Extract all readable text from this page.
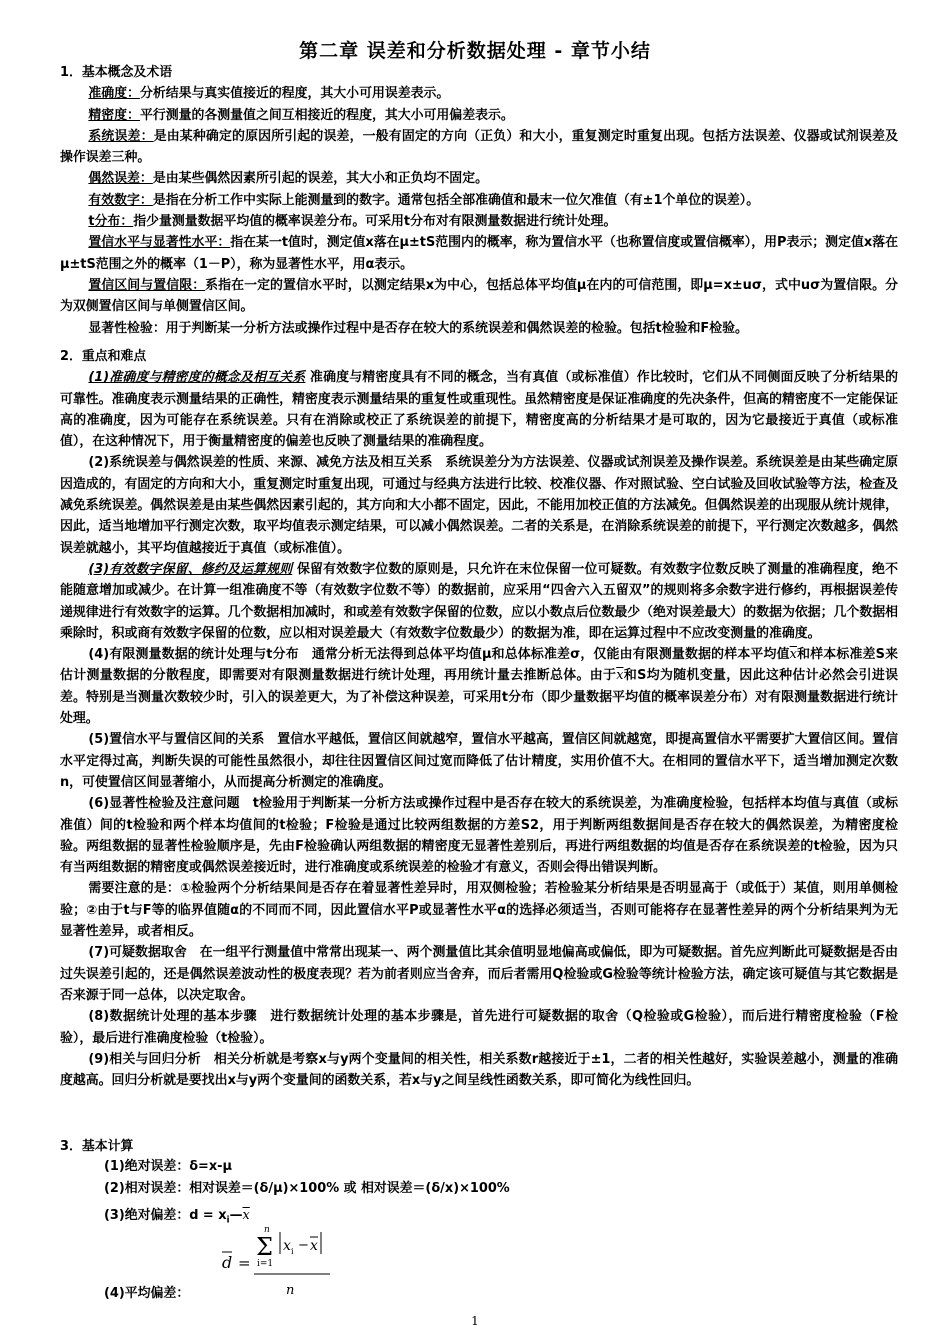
第二章 误差和分析数据处理 - 章节小结

1．基本概念及术语

准确度：分析结果与真实值接近的程度，其大小可用误差表示。

精密度：平行测量的各测量值之间互相接近的程度，其大小可用偏差表示。

系统误差：是由某种确定的原因所引起的误差，一般有固定的方向（正负）和大小，重复测定时重复出现。包括方法误差、仪器或试剂误差及操作误差三种。

偶然误差：是由某些偶然因素所引起的误差，其大小和正负均不固定。

有效数字：是指在分析工作中实际上能测量到的数字。通常包括全部准确值和最末一位欠准值（有±1个单位的误差）。

t分布：指少量测量数据平均值的概率误差分布。可采用t分布对有限测量数据进行统计处理。

置信水平与显著性水平：指在某一t值时，测定值x落在μ±tS范围内的概率，称为置信水平（也称置信度或置信概率），用P表示；测定值x落在μ±tS范围之外的概率（1－P），称为显著性水平，用α表示。

置信区间与置信限：系指在一定的置信水平时，以测定结果x为中心，包括总体平均值μ在内的可信范围，即μ=x±uσ，式中uσ为置信限。分为双侧置信区间与单侧置信区间。

显著性检验：用于判断某一分析方法或操作过程中是否存在较大的系统误差和偶然误差的检验。包括t检验和F检验。

2．重点和难点

(1)准确度与精密度的概念及相互关系 准确度与精密度具有不同的概念，当有真值（或标准值）作比较时，它们从不同侧面反映了分析结果的可靠性。准确度表示测量结果的正确性，精密度表示测量结果的重复性或重现性。虽然精密度是保证准确度的先决条件，但高的精密度不一定能保证高的准确度，因为可能存在系统误差。只有在消除或校正了系统误差的前提下，精密度高的分析结果才是可取的，因为它最接近于真值（或标准值），在这种情况下，用于衡量精密度的偏差也反映了测量结果的准确程度。

(2)系统误差与偶然误差的性质、来源、减免方法及相互关系　系统误差分为方法误差、仪器或试剂误差及操作误差。系统误差是由某些确定原因造成的，有固定的方向和大小，重复测定时重复出现，可通过与经典方法进行比较、校准仪器、作对照试验、空白试验及回收试验等方法，检查及减免系统误差。偶然误差是由某些偶然因素引起的，其方向和大小都不固定，因此，不能用加校正值的方法减免。但偶然误差的出现服从统计规律，因此，适当地增加平行测定次数，取平均值表示测定结果，可以减小偶然误差。二者的关系是，在消除系统误差的前提下，平行测定次数越多，偶然误差就越小，其平均值越接近于真值（或标准值）。

(3)有效数字保留、修约及运算规则 保留有效数字位数的原则是，只允许在末位保留一位可疑数。有效数字位数反映了测量的准确程度，绝不能随意增加或减少。在计算一组准确度不等（有效数字位数不等）的数据前，应采用“四舍六入五留双”的规则将多余数字进行修约，再根据误差传递规律进行有效数字的运算。几个数据相加减时，和或差有效数字保留的位数，应以小数点后位数最少（绝对误差最大）的数据为依据；几个数据相乘除时，积或商有效数字保留的位数，应以相对误差最大（有效数字位数最少）的数据为准，即在运算过程中不应改变测量的准确度。

(4)有限测量数据的统计处理与t分布　通常分析无法得到总体平均值μ和总体标准差σ，仅能由有限测量数据的样本平均值$\overline{x}$和样本标准差S来估计测量数据的分散程度，即需要对有限测量数据进行统计处理，再用统计量去推断总体。由于$\overline{x}$和S均为随机变量，因此这种估计必然会引进误差。特别是当测量次数较少时，引入的误差更大，为了补偿这种误差，可采用t分布（即少量数据平均值的概率误差分布）对有限测量数据进行统计处理。

(5)置信水平与置信区间的关系　置信水平越低，置信区间就越窄，置信水平越高，置信区间就越宽，即提高置信水平需要扩大置信区间。置信水平定得过高，判断失误的可能性虽然很小，却往往因置信区间过宽而降低了估计精度，实用价值不大。在相同的置信水平下，适当增加测定次数n，可使置信区间显著缩小，从而提高分析测定的准确度。

(6)显著性检验及注意问题　t检验用于判断某一分析方法或操作过程中是否存在较大的系统误差，为准确度检验，包括样本均值与真值（或标准值）间的t检验和两个样本均值间的t检验；F检验是通过比较两组数据的方差S2，用于判断两组数据间是否存在较大的偶然误差，为精密度检验。两组数据的显著性检验顺序是，先由F检验确认两组数据的精密度无显著性差别后，再进行两组数据的均值是否存在系统误差的t检验，因为只有当两组数据的精密度或偶然误差接近时，进行准确度或系统误差的检验才有意义，否则会得出错误判断。

需要注意的是：①检验两个分析结果间是否存在着显著性差异时，用双侧检验；若检验某分析结果是否明显高于（或低于）某值，则用单侧检验；②由于t与F等的临界值随α的不同而不同，因此置信水平P或显著性水平α的选择必须适当，否则可能将存在显著性差异的两个分析结果判为无显著性差异，或者相反。

(7)可疑数据取舍　在一组平行测量值中常常出现某一、两个测量值比其余值明显地偏高或偏低，即为可疑数据。首先应判断此可疑数据是否由过失误差引起的，还是偶然误差波动性的极度表现？若为前者则应当舍弃，而后者需用Q检验或G检验等统计检验方法，确定该可疑值与其它数据是否来源于同一总体，以决定取舍。

(8)数据统计处理的基本步骤　进行数据统计处理的基本步骤是，首先进行可疑数据的取舍（Q检验或G检验），而后进行精密度检验（F检验），最后进行准确度检验（t检验）。

(9)相关与回归分析　相关分析就是考察x与y两个变量间的相关性，相关系数r越接近于±1，二者的相关性越好，实验误差越小，测量的准确度越高。回归分析就是要找出x与y两个变量间的函数关系，若x与y之间呈线性函数关系，即可简化为线性回归。

3．基本计算

(1)绝对误差：δ=x-μ
(2)相对误差：相对误差＝(δ/μ)×100% 或 相对误差＝(δ/x)×100%
(3)绝对偏差：$d = x_i—\overline{x}$
(4)平均偏差：
d =
n
Σ
i=1
x i − x
n
1
